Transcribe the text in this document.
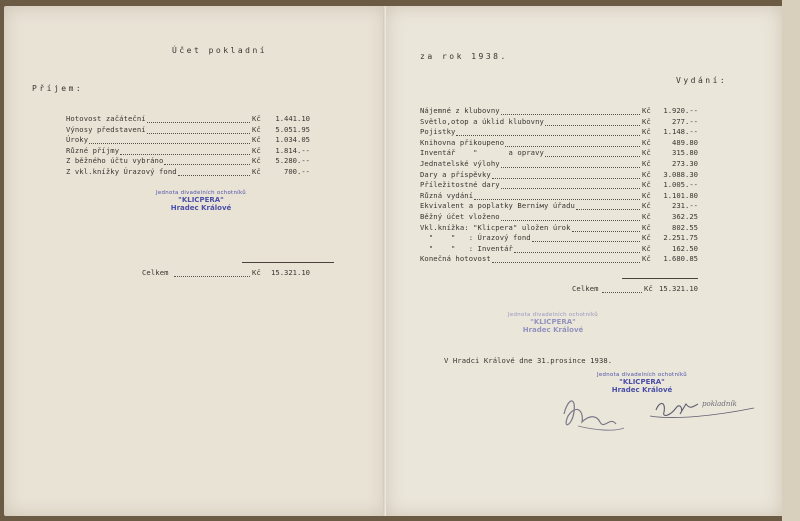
Účet pokladní
Příjem:
Hotovost začáteční	Kč	1.441.10
Výnosy představení	Kč	5.051.95
Úroky	Kč	1.034.05
Různé příjmy	Kč	1.814.--
Z běžného účtu vybráno	Kč	5.280.--
Z vkl.knížky Úrazový fond	Kč	700.--
Celkem	Kč	15.321.10
Jednota divadelních ochotníků
"KLICPERA"
Hradec Králové
za rok 1938.
Vydání:
Nájemné z klubovny	Kč	1.920.--
Světlo,otop a úklid klubovny	Kč	277.--
Pojistky	Kč	1.148.--
Knihovna přikoupeno	Kč	489.80
Inventář    "       a opravy	Kč	315.80
Jednatelské výlohy	Kč	273.30
Dary a příspěvky	Kč	3.088.30
Příležitostné dary	Kč	1.005.--
Různá vydání	Kč	1.101.80
Ekvivalent a poplatky Berníму úřadu	Kč	231.--
Běžný účet vloženo	Kč	362.25
Vkl.knížka: "Klicpera" uložen úrok	Kč	802.55
"    "   : Úrazový fond	Kč	2.251.75
"    "   : Inventář	Kč	162.50
Konečná hotovost	Kč	1.680.85
Celkem	Kč 15.321.10
Jednota divadelních ochotníků
"KLICPERA"
Hradec Králové
V Hradci Králové dne 31.prosince 1938.
Jednota divadelních ochotníků
"KLICPERA"
Hradec Králové
pokladník
